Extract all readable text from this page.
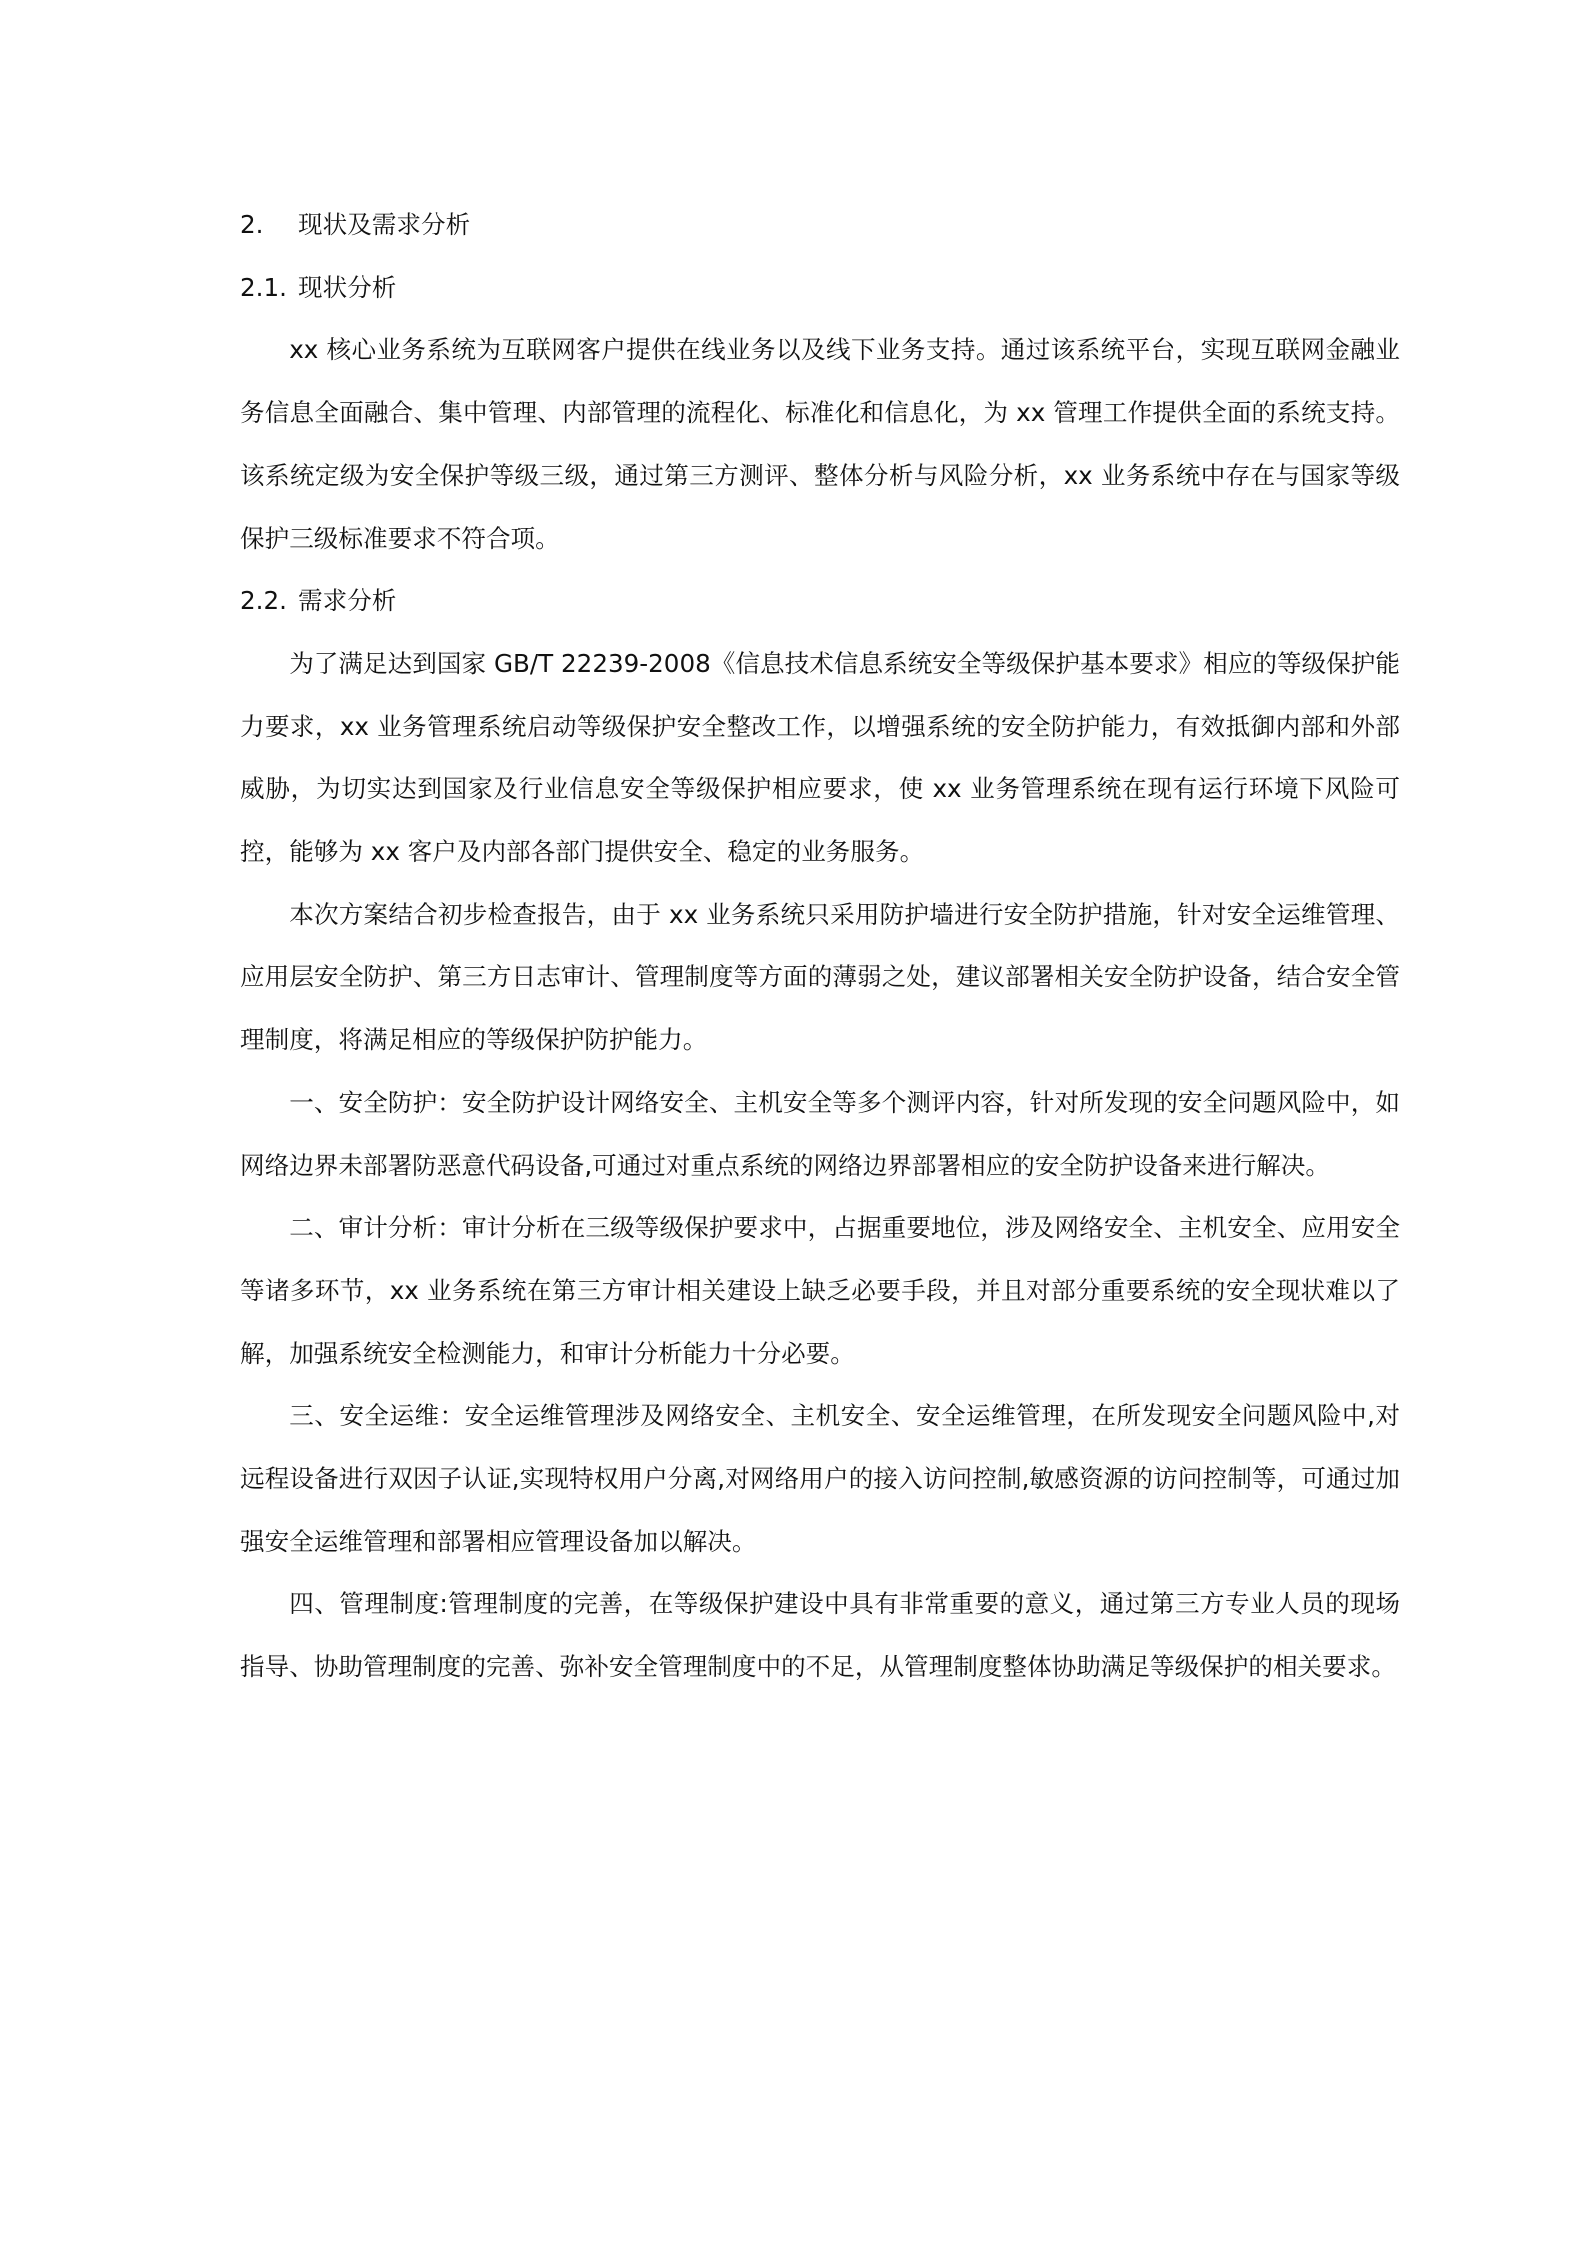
2. 现状及需求分析
2.1. 现状分析

xx 核心业务系统为互联网客户提供在线业务以及线下业务支持。通过该系统平台，实现互联网金融业务信息全面融合、集中管理、内部管理的流程化、标准化和信息化，为 xx 管理工作提供全面的系统支持。该系统定级为安全保护等级三级，通过第三方测评、整体分析与风险分析，xx 业务系统中存在与国家等级保护三级标准要求不符合项。

2.2. 需求分析

为了满足达到国家 GB/T 22239-2008《信息技术信息系统安全等级保护基本要求》相应的等级保护能力要求，xx 业务管理系统启动等级保护安全整改工作，以增强系统的安全防护能力，有效抵御内部和外部威胁，为切实达到国家及行业信息安全等级保护相应要求，使 xx 业务管理系统在现有运行环境下风险可控，能够为 xx 客户及内部各部门提供安全、稳定的业务服务。

本次方案结合初步检查报告，由于 xx 业务系统只采用防护墙进行安全防护措施，针对安全运维管理、应用层安全防护、第三方日志审计、管理制度等方面的薄弱之处，建议部署相关安全防护设备，结合安全管理制度，将满足相应的等级保护防护能力。

一、安全防护：安全防护设计网络安全、主机安全等多个测评内容，针对所发现的安全问题风险中，如网络边界未部署防恶意代码设备,可通过对重点系统的网络边界部署相应的安全防护设备来进行解决。

二、审计分析：审计分析在三级等级保护要求中，占据重要地位，涉及网络安全、主机安全、应用安全等诸多环节，xx 业务系统在第三方审计相关建设上缺乏必要手段，并且对部分重要系统的安全现状难以了解，加强系统安全检测能力，和审计分析能力十分必要。

三、安全运维：安全运维管理涉及网络安全、主机安全、安全运维管理，在所发现安全问题风险中,对远程设备进行双因子认证,实现特权用户分离,对网络用户的接入访问控制,敏感资源的访问控制等，可通过加强安全运维管理和部署相应管理设备加以解决。

四、管理制度:管理制度的完善，在等级保护建设中具有非常重要的意义，通过第三方专业人员的现场指导、协助管理制度的完善、弥补安全管理制度中的不足，从管理制度整体协助满足等级保护的相关要求。
